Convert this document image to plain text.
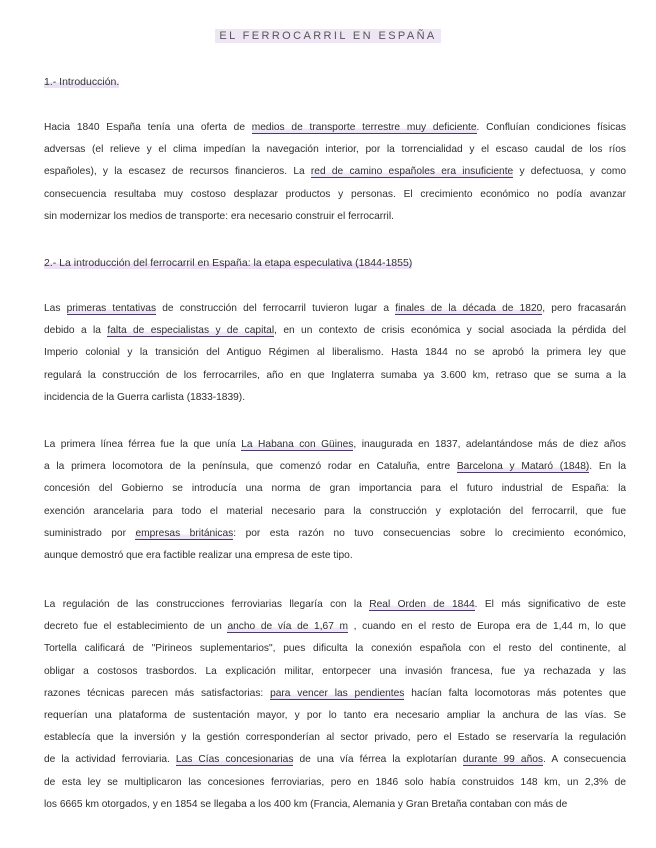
EL FERROCARRIL EN ESPAÑA
1.- Introducción.
Hacia 1840 España tenía una oferta de medios de transporte terrestre muy deficiente. Confluían condiciones físicas
adversas (el relieve y el clima impedían la navegación interior, por la torrencialidad y el escaso caudal de los ríos
españoles), y la escasez de recursos financieros. La red de camino españoles era insuficiente y defectuosa, y como
consecuencia resultaba muy costoso desplazar productos y personas. El crecimiento económico no podía avanzar
sin modernizar los medios de transporte: era necesario construir el ferrocarril.
2.- La introducción del ferrocarril en España: la etapa especulativa (1844-1855)
Las primeras tentativas de construcción del ferrocarril tuvieron lugar a finales de la década de 1820, pero fracasarán
debido a la falta de especialistas y de capital, en un contexto de crisis económica y social asociada la pérdida del
Imperio colonial y la transición del Antiguo Régimen al liberalismo. Hasta 1844 no se aprobó la primera ley que
regulará la construcción de los ferrocarriles, año en que Inglaterra sumaba ya 3.600 km, retraso que se suma a la
incidencia de la Guerra carlista (1833-1839).
La primera línea férrea fue la que unía La Habana con Güines, inaugurada en 1837, adelantándose más de diez años
a la primera locomotora de la península, que comenzó rodar en Cataluña, entre Barcelona y Mataró (1848). En la
concesión del Gobierno se introducía una norma de gran importancia para el futuro industrial de España: la
exención arancelaria para todo el material necesario para la construcción y explotación del ferrocarril, que fue
suministrado por empresas británicas: por esta razón no tuvo consecuencias sobre lo crecimiento económico,
aunque demostró que era factible realizar una empresa de este tipo.
La regulación de las construcciones ferroviarias llegaría con la Real Orden de 1844. El más significativo de este
decreto fue el establecimiento de un ancho de vía de 1,67 m , cuando en el resto de Europa era de 1,44 m, lo que
Tortella calificará de "Pirineos suplementarios", pues dificulta la conexión española con el resto del continente, al
obligar a costosos trasbordos. La explicación militar, entorpecer una invasión francesa, fue ya rechazada y las
razones técnicas parecen más satisfactorias: para vencer las pendientes hacían falta locomotoras más potentes que
requerían una plataforma de sustentación mayor, y por lo tanto era necesario ampliar la anchura de las vías. Se
establecía que la inversión y la gestión corresponderían al sector privado, pero el Estado se reservaría la regulación
de la actividad ferroviaria. Las Cías concesionarias de una vía férrea la explotarían durante 99 años. A consecuencia
de esta ley se multiplicaron las concesiones ferroviarias, pero en 1846 solo había construidos 148 km, un 2,3% de
los 6665 km otorgados, y en 1854 se llegaba a los 400 km (Francia, Alemania y Gran Bretaña contaban con más de
